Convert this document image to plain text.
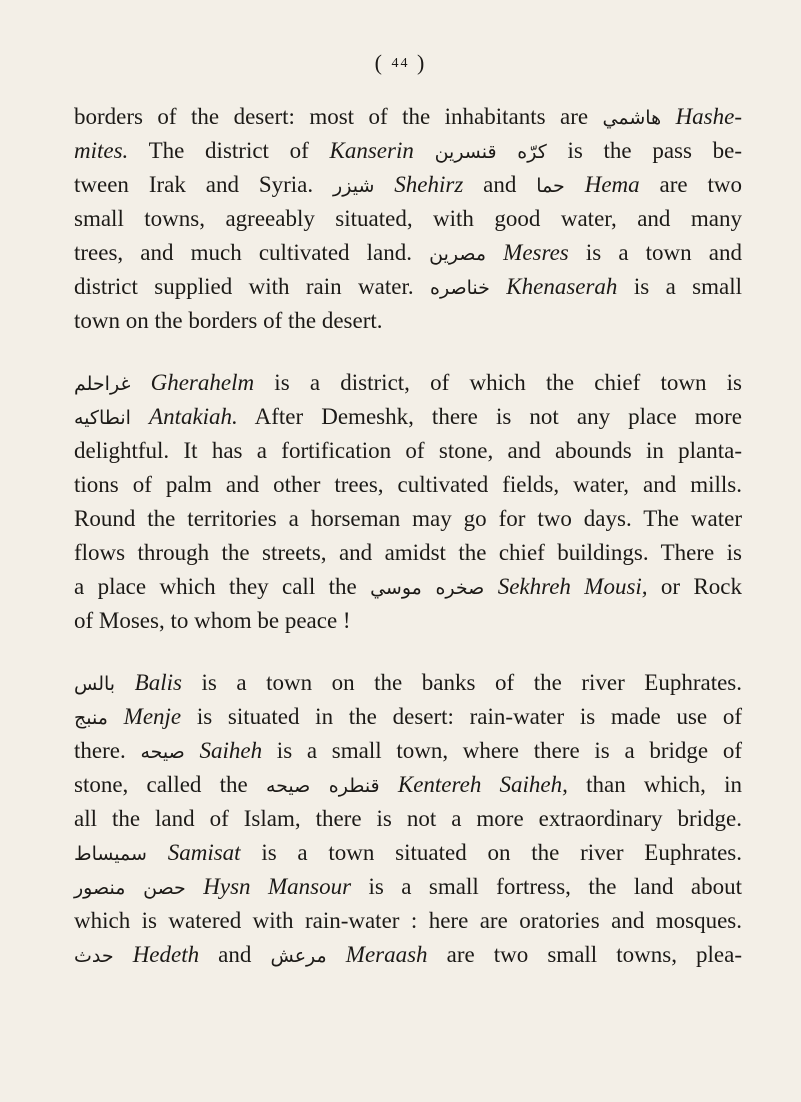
( 44 )
borders of the desert: most of the inhabitants are هاشمي Hashe-
mites. The district of Kanserin قنسرين كرّه is the pass be-
tween Irak and Syria. شيزر Shehirz and حما Hema are two
small towns, agreeably situated, with good water, and many
trees, and much cultivated land. مصرين Mesres is a town and
district supplied with rain water. خناصره Khenaserah is a small
town on the borders of the desert.
غراحلم Gherahelm is a district, of which the chief town is
انطاكيه Antakiah. After Demeshk, there is not any place more
delightful. It has a fortification of stone, and abounds in planta-
tions of palm and other trees, cultivated fields, water, and mills.
Round the territories a horseman may go for two days. The water
flows through the streets, and amidst the chief buildings. There is
a place which they call the صخره موسي Sekhreh Mousi, or Rock
of Moses, to whom be peace !
بالس Balis is a town on the banks of the river Euphrates.
منبج Menje is situated in the desert: rain-water is made use of
there. صيحه Saiheh is a small town, where there is a bridge of
stone, called the قنطره صيحه Kentereh Saiheh, than which, in
all the land of Islam, there is not a more extraordinary bridge.
سميساط Samisat is a town situated on the river Euphrates.
حصن منصور Hysn Mansour is a small fortress, the land about
which is watered with rain-water : here are oratories and mosques.
حدث Hedeth and مرعش Meraash are two small towns, plea-
